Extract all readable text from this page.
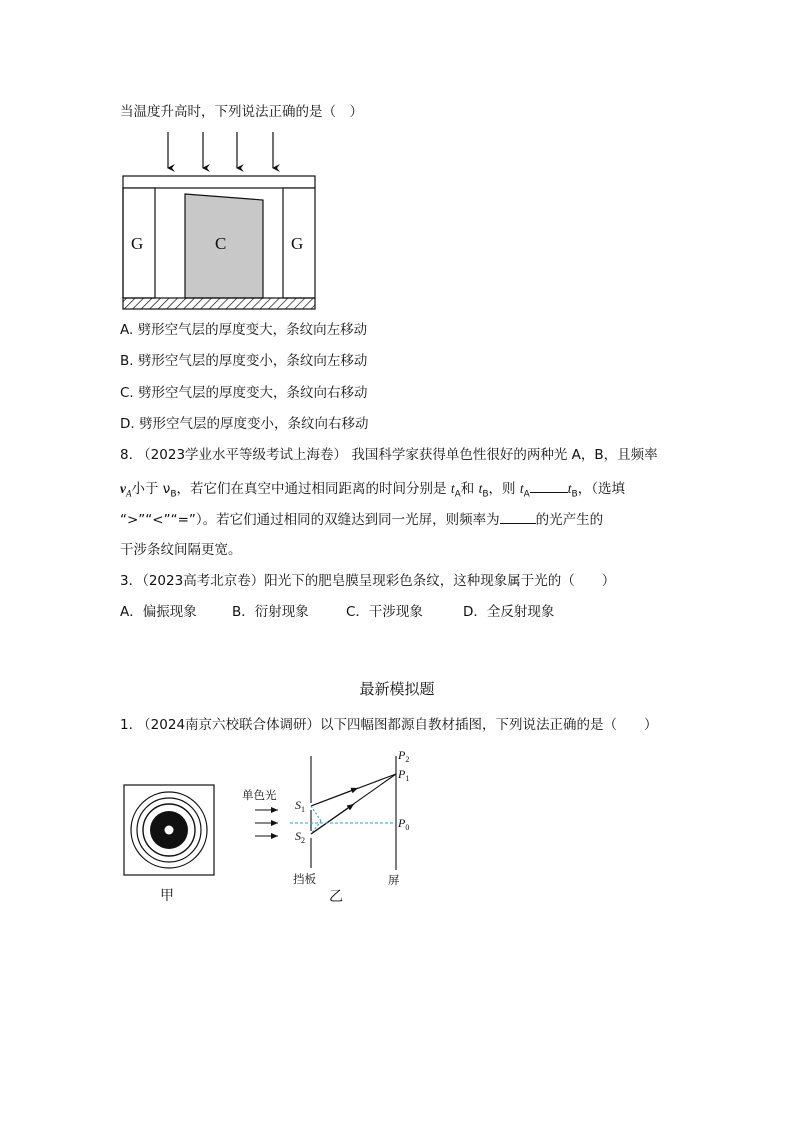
当温度升高时，下列说法正确的是（　）
G	C	G
A. 劈形空气层的厚度变大，条纹向左移动
B. 劈形空气层的厚度变小，条纹向左移动
C. 劈形空气层的厚度变大，条纹向右移动
D. 劈形空气层的厚度变小，条纹向右移动
8. （2023学业水平等级考试上海卷） 我国科学家获得单色性很好的两种光 A，B，且频率
$v_A$小于 $\nu_B$，若它们在真空中通过相同距离的时间分别是 $t_A$和 $t_B$，则 $t_A$	$t_B$，（选填
“>”“<”“=”）。若它们通过相同的双缝达到同一光屏，则频率为	的光产生的
干涉条纹间隔更宽。
3．（2023高考北京卷）阳光下的肥皂膜呈现彩色条纹，这种现象属于光的（　　）
A．偏振现象	B．衍射现象	C．干涉现象	D．全反射现象
最新模拟题
1. （2024南京六校联合体调研）以下四幅图都源自教材插图，下列说法正确的是（　　）
甲
单色光
$S_1$
$S_2$
$P_2$
$P_1$
$P_0$
挡板	屏
乙
